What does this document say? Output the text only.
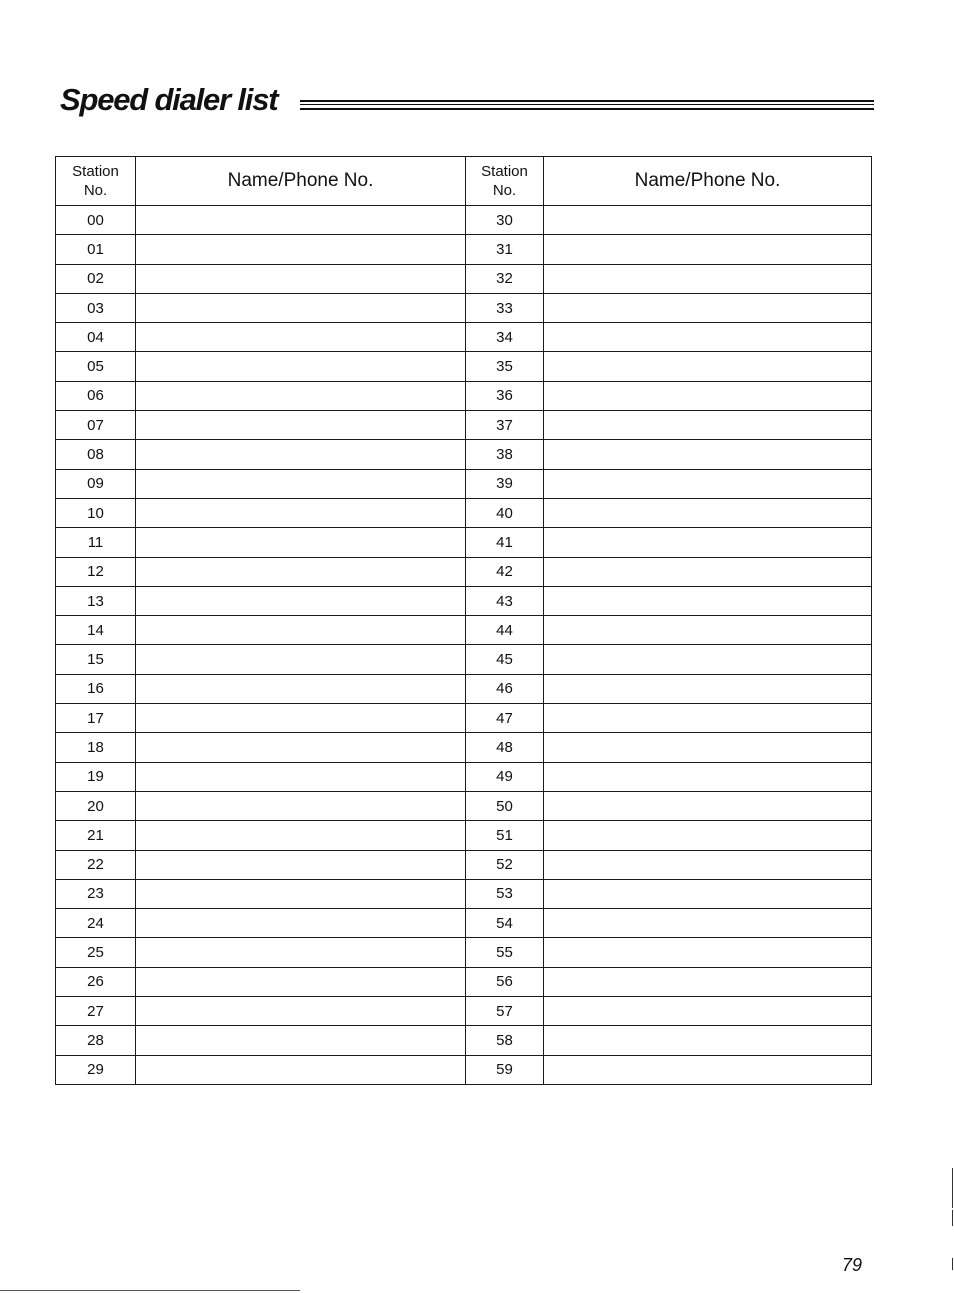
Speed dialer list
Station
No.	Name/Phone No.	Station
No.	Name/Phone No.
00		30	
01		31	
02		32	
03		33	
04		34	
05		35	
06		36	
07		37	
08		38	
09		39	
10		40	
11		41	
12		42	
13		43	
14		44	
15		45	
16		46	
17		47	
18		48	
19		49	
20		50	
21		51	
22		52	
23		53	
24		54	
25		55	
26		56	
27		57	
28		58	
29		59	
79
